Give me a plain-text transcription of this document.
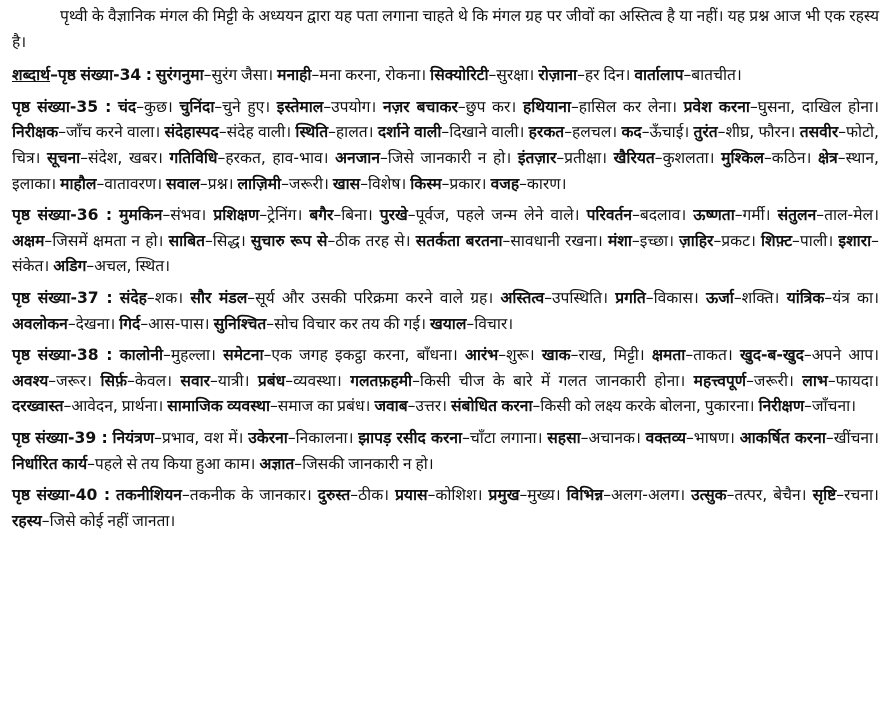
पृथ्वी के वैज्ञानिक मंगल की मिट्टी के अध्ययन द्वारा यह पता लगाना चाहते थे कि मंगल ग्रह पर जीवों का अस्तित्व है या नहीं। यह प्रश्न आज भी एक रहस्य है।

शब्दार्थ–पृष्ठ संख्या-34 : सुरंगनुमा–सुरंग जैसा। मनाही–मना करना, रोकना। सिक्योरिटी–सुरक्षा। रोज़ाना–हर दिन। वार्तालाप–बातचीत।

पृष्ठ संख्या-35 : चंद–कुछ। चुनिंदा–चुने हुए। इस्तेमाल–उपयोग। नज़र बचाकर–छुप कर। हथियाना–हासिल कर लेना। प्रवेश करना–घुसना, दाखिल होना। निरीक्षक–जाँच करने वाला। संदेहास्पद–संदेह वाली। स्थिति–हालत। दर्शाने वाली–दिखाने वाली। हरकत–हलचल। कद–ऊँचाई। तुरंत–शीघ्र, फौरन। तसवीर–फोटो, चित्र। सूचना–संदेश, खबर। गतिविधि–हरकत, हाव-भाव। अनजान–जिसे जानकारी न हो। इंतज़ार–प्रतीक्षा। खैरियत–कुशलता। मुश्किल–कठिन। क्षेत्र–स्थान, इलाका। माहौल–वातावरण। सवाल–प्रश्न। लाज़िमी–जरूरी। खास–विशेष। किस्म–प्रकार। वजह–कारण।

पृष्ठ संख्या-36 : मुमकिन–संभव। प्रशिक्षण–ट्रेनिंग। बगैर–बिना। पुरखे–पूर्वज, पहले जन्म लेने वाले। परिवर्तन–बदलाव। ऊष्णता–गर्मी। संतुलन–ताल-मेल। अक्षम–जिसमें क्षमता न हो। साबित–सिद्ध। सुचारु रूप से–ठीक तरह से। सतर्कता बरतना–सावधानी रखना। मंशा–इच्छा। ज़ाहिर–प्रकट। शिफ़्ट–पाली। इशारा–संकेत। अडिग–अचल, स्थित।

पृष्ठ संख्या-37 : संदेह–शक। सौर मंडल–सूर्य और उसकी परिक्रमा करने वाले ग्रह। अस्तित्व–उपस्थिति। प्रगति–विकास। ऊर्जा–शक्ति। यांत्रिक–यंत्र का। अवलोकन–देखना। गिर्द–आस-पास। सुनिश्चित–सोच विचार कर तय की गई। खयाल–विचार।

पृष्ठ संख्या-38 : कालोनी–मुहल्ला। समेटना–एक जगह इकट्ठा करना, बाँधना। आरंभ–शुरू। खाक–राख, मिट्टी। क्षमता–ताकत। खुद-ब-खुद–अपने आप। अवश्य–जरूर। सिर्फ़–केवल। सवार–यात्री। प्रबंध–व्यवस्था। गलतफ़हमी–किसी चीज के बारे में गलत जानकारी होना। महत्त्वपूर्ण–जरूरी। लाभ–फायदा। दरख्वास्त–आवेदन, प्रार्थना। सामाजिक व्यवस्था–समाज का प्रबंध। जवाब–उत्तर। संबोधित करना–किसी को लक्ष्य करके बोलना, पुकारना। निरीक्षण–जाँचना।

पृष्ठ संख्या-39 : नियंत्रण–प्रभाव, वश में। उकेरना–निकालना। झापड़ रसीद करना–चाँटा लगाना। सहसा–अचानक। वक्तव्य–भाषण। आकर्षित करना–खींचना। निर्धारित कार्य–पहले से तय किया हुआ काम। अज्ञात–जिसकी जानकारी न हो।

पृष्ठ संख्या-40 : तकनीशियन–तकनीक के जानकार। दुरुस्त–ठीक। प्रयास–कोशिश। प्रमुख–मुख्य। विभिन्न–अलग-अलग। उत्सुक–तत्पर, बेचैन। सृष्टि–रचना। रहस्य–जिसे कोई नहीं जानता।
